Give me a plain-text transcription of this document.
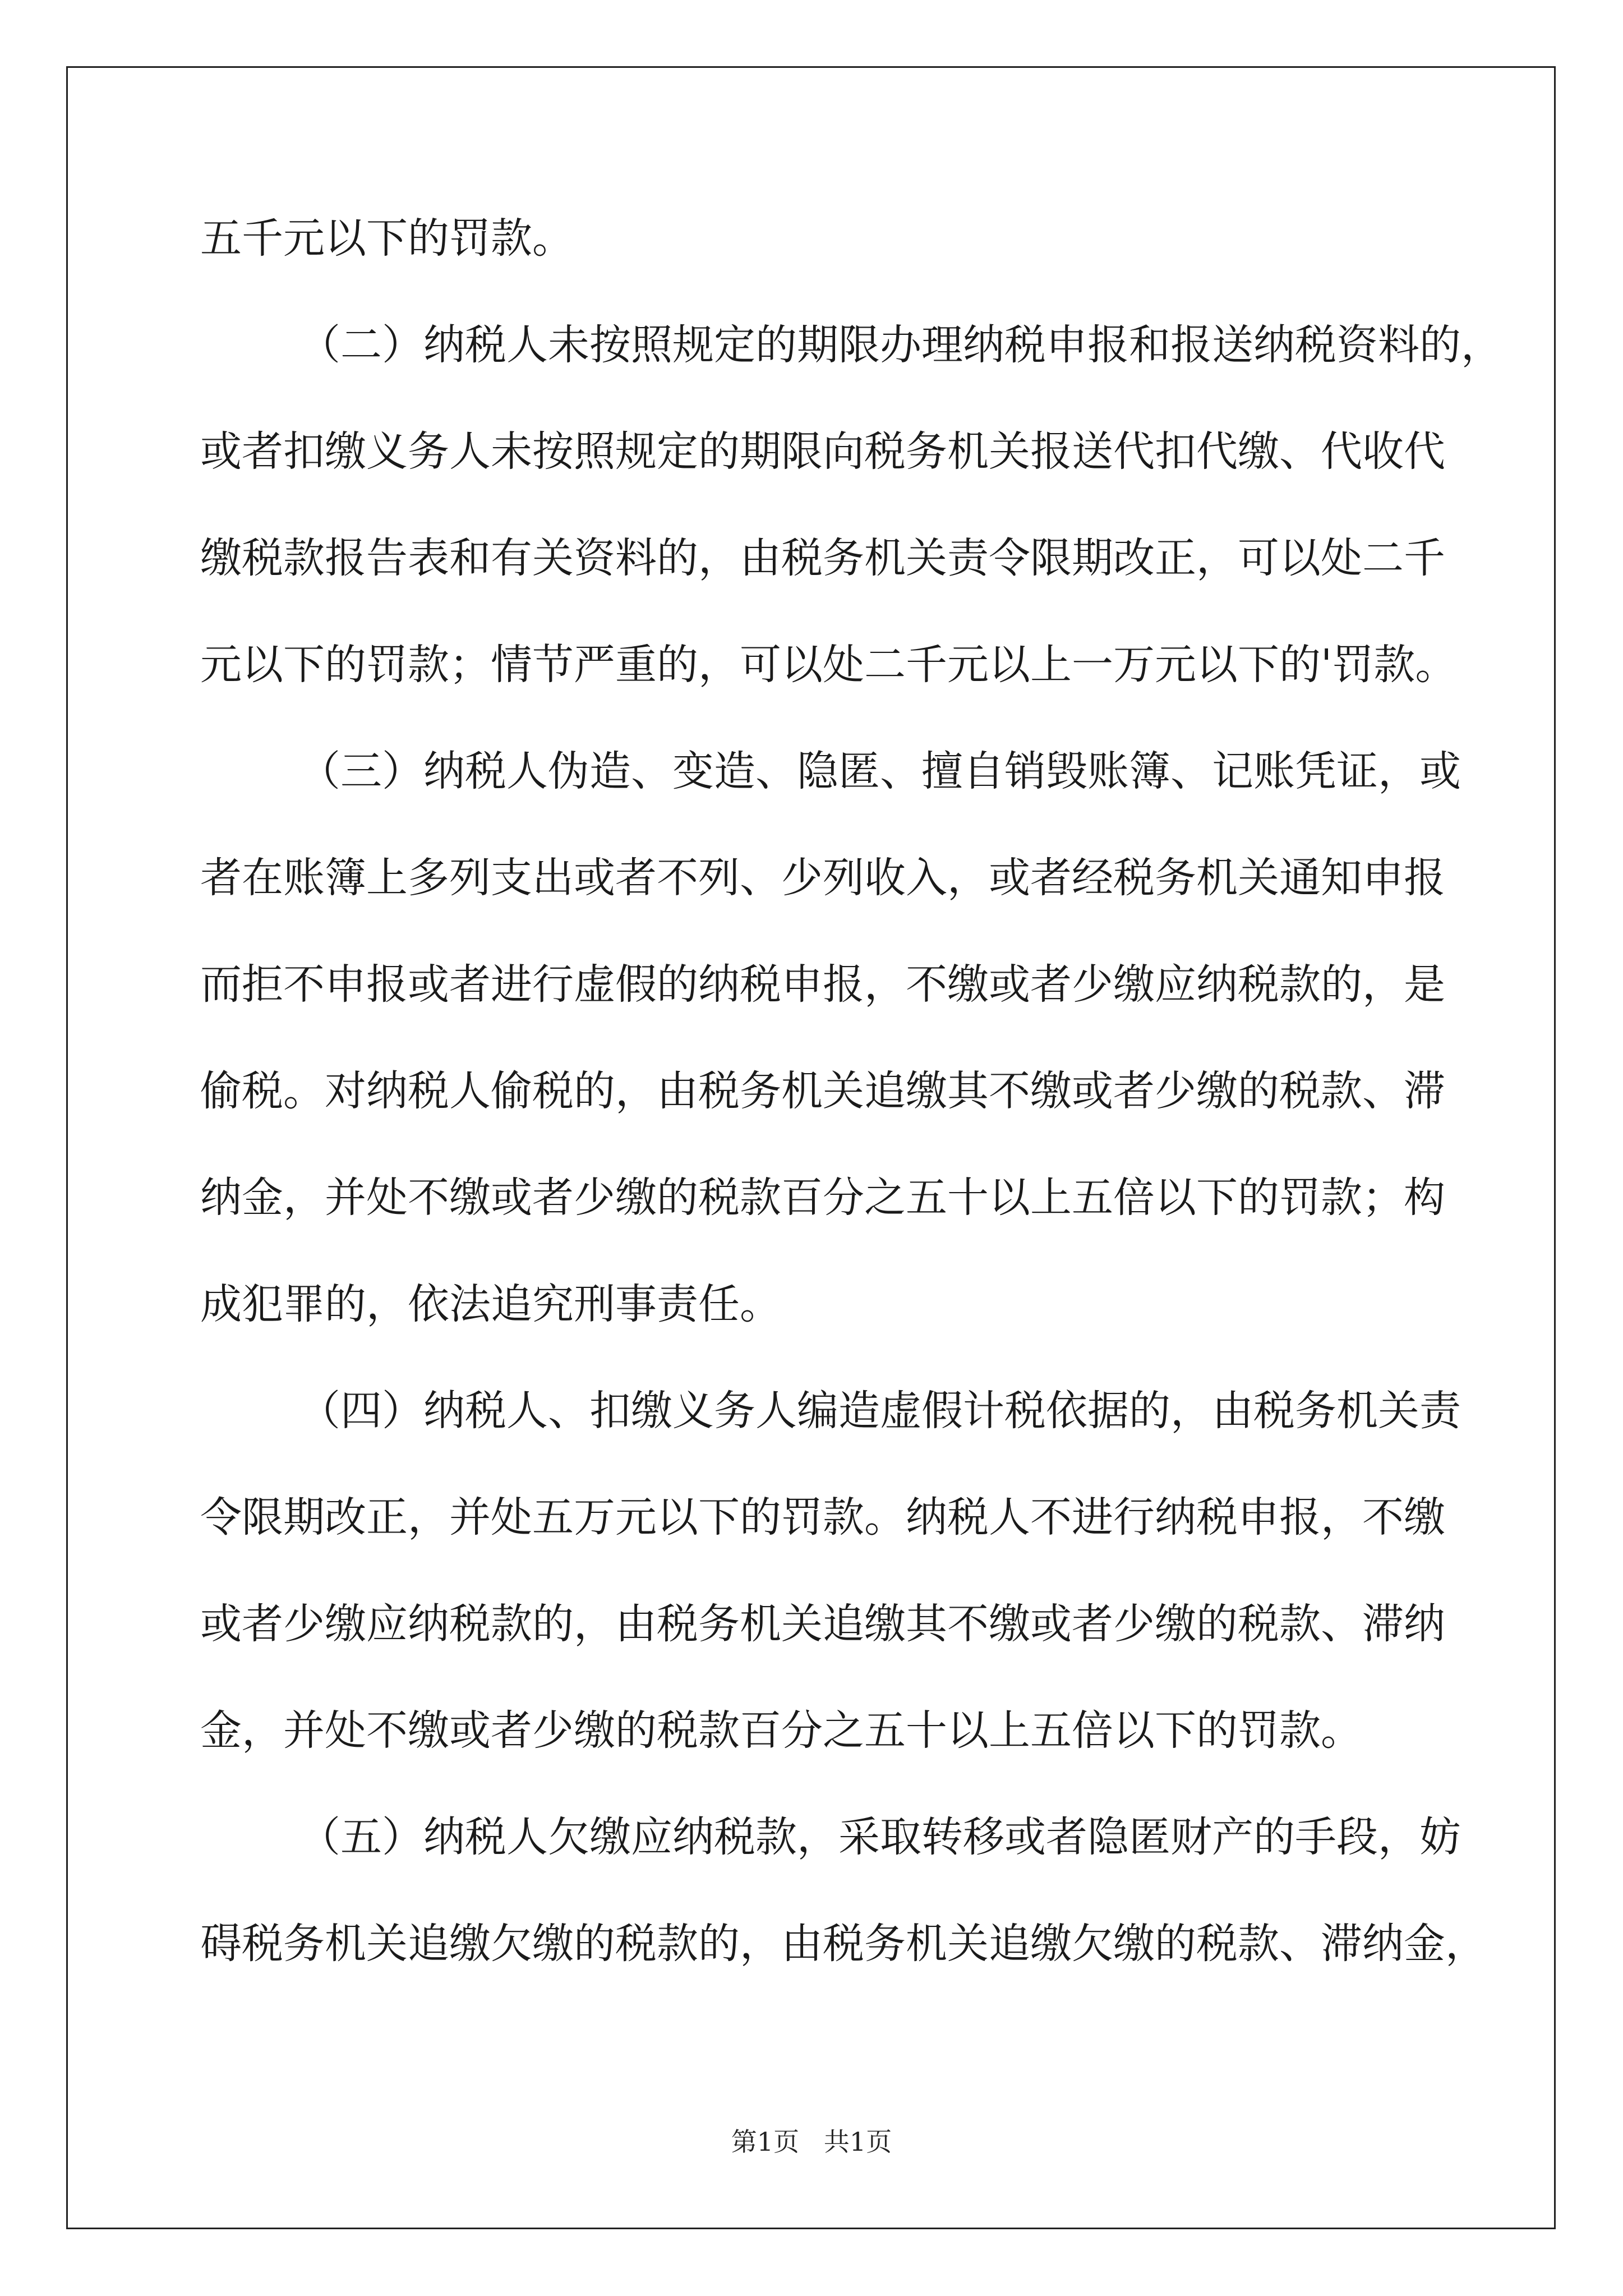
五千元以下的罚款。
（二）纳税人未按照规定的期限办理纳税申报和报送纳税资料的，
或者扣缴义务人未按照规定的期限向税务机关报送代扣代缴、代收代
缴税款报告表和有关资料的，由税务机关责令限期改正，可以处二千
元以下的罚款；情节严重的，可以处二千元以上一万元以下的'罚款。
（三）纳税人伪造、变造、隐匿、擅自销毁账簿、记账凭证，或
者在账簿上多列支出或者不列、少列收入，或者经税务机关通知申报
而拒不申报或者进行虚假的纳税申报，不缴或者少缴应纳税款的，是
偷税。对纳税人偷税的，由税务机关追缴其不缴或者少缴的税款、滞
纳金，并处不缴或者少缴的税款百分之五十以上五倍以下的罚款；构
成犯罪的，依法追究刑事责任。
（四）纳税人、扣缴义务人编造虚假计税依据的，由税务机关责
令限期改正，并处五万元以下的罚款。纳税人不进行纳税申报，不缴
或者少缴应纳税款的，由税务机关追缴其不缴或者少缴的税款、滞纳
金，并处不缴或者少缴的税款百分之五十以上五倍以下的罚款。
（五）纳税人欠缴应纳税款，采取转移或者隐匿财产的手段，妨
碍税务机关追缴欠缴的税款的，由税务机关追缴欠缴的税款、滞纳金，
第1页   共1页
